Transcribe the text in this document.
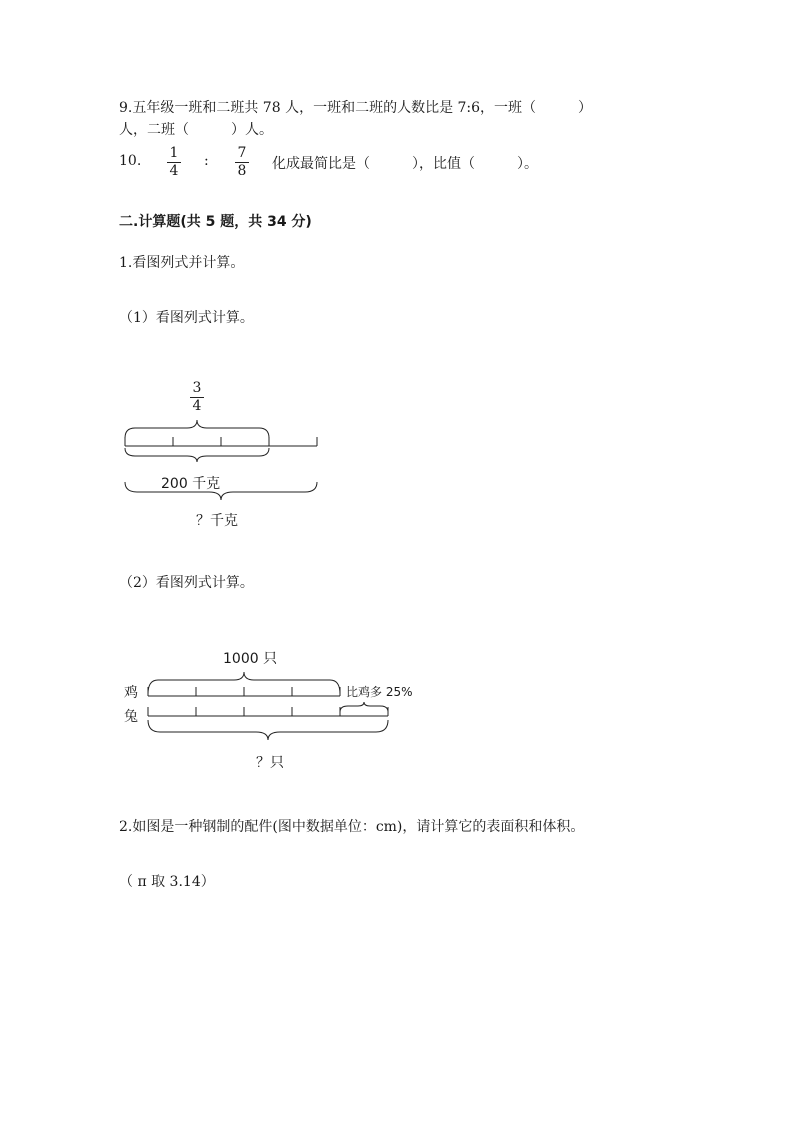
9.五年级一班和二班共 78 人，一班和二班的人数比是 7:6，一班（　　　）
人，二班（　　　）人。
10. 1
4
: 7
8 化成最简比是（　　　），比值（　　　）。
二.计算题(共 5 题，共 34 分)
1.看图列式并计算。
（1）看图列式计算。
3
4
200 千克
？千克
（2）看图列式计算。
1000 只
鸡
兔
比鸡多 25%
？只
2.如图是一种钢制的配件(图中数据单位：cm)，请计算它的表面积和体积。
（ π 取 3.14）
